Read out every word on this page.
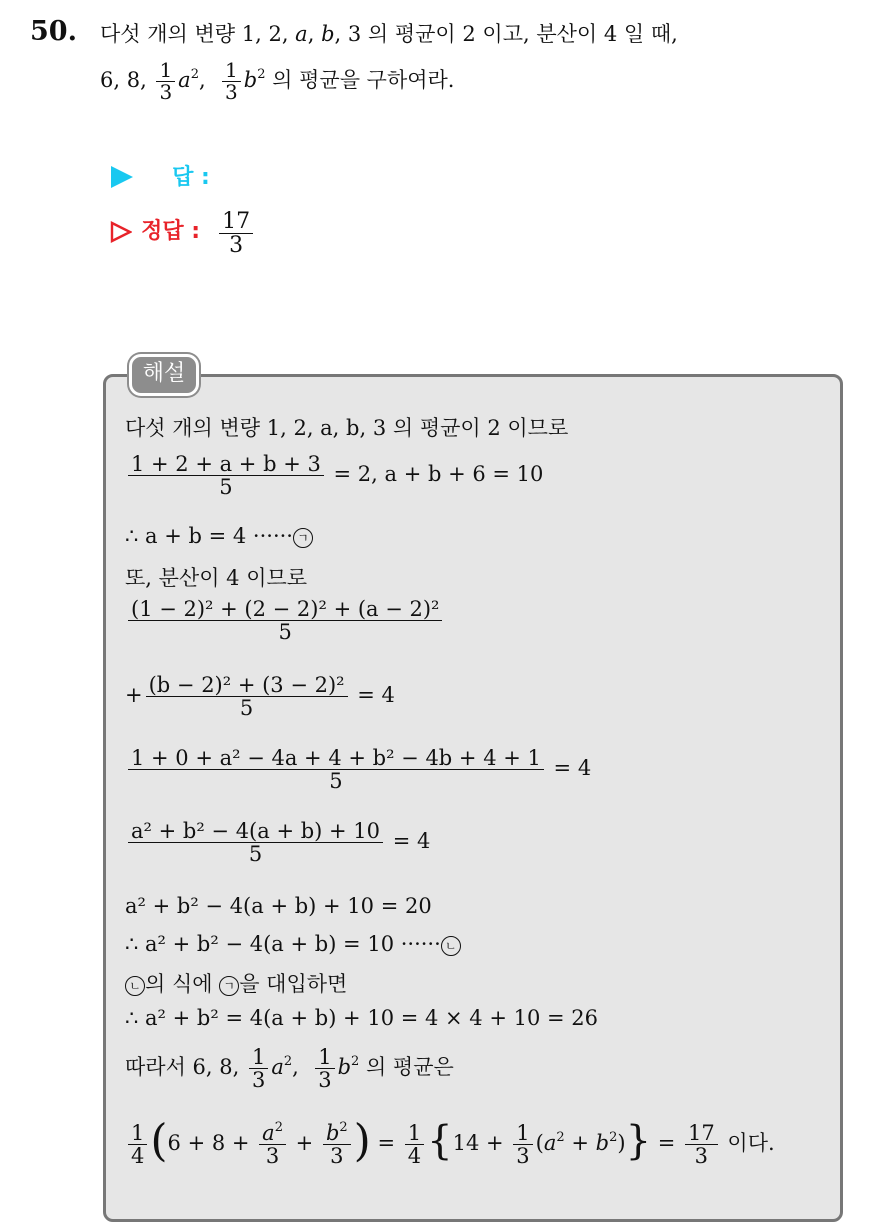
50. 다섯 개의 변량 1, 2, a, b, 3 의 평균이 2 이고, 분산이 4 일 때,
6, 8, $\frac{1}{3} a^2$, $\frac{1}{3} b^2$ 의 평균을 구하여라.
답 :
정답 : $\frac{17}{3}$
해설
다섯 개의 변량 1, 2, a, b, 3 의 평균이 2 이므로
$\frac{1 + 2 + a + b + 3}{5} = 2$, a + b + 6 = 10
∴ a + b = 4 ······ ㄱ
또, 분산이 4 이므로
$\frac{\text{(1 − 2)² + (2 − 2)² + (a − 2)²}}{5}$
+ $\frac{\text{(b − 2)² + (3 − 2)²}}{5} = 4$
$\frac{\text{1 + 0 + a² − 4a + 4 + b² − 4b + 4 + 1}}{5} = 4$
$\frac{\text{a² + b² − 4(a + b) + 10}}{5} = 4$
a² + b² − 4(a + b) + 10 = 20
∴ a² + b² − 4(a + b) = 10 ······ ㄴ
ㄴ 의 식에 ㄱ 을 대입하면
∴ a² + b² = 4(a + b) + 10 = 4 × 4 + 10 = 26
따라서 6, 8, $\frac{1}{3} a^2$, $\frac{1}{3} b^2$ 의 평균은
$\frac{1}{4} (6 + 8 + \frac{a^2}{3} + \frac{b^2}{3}$ ) = $\frac{1}{4} \{14 + \frac{1}{3} (a^2 + b^2)\} = \frac{17}{3}$ 이다.
